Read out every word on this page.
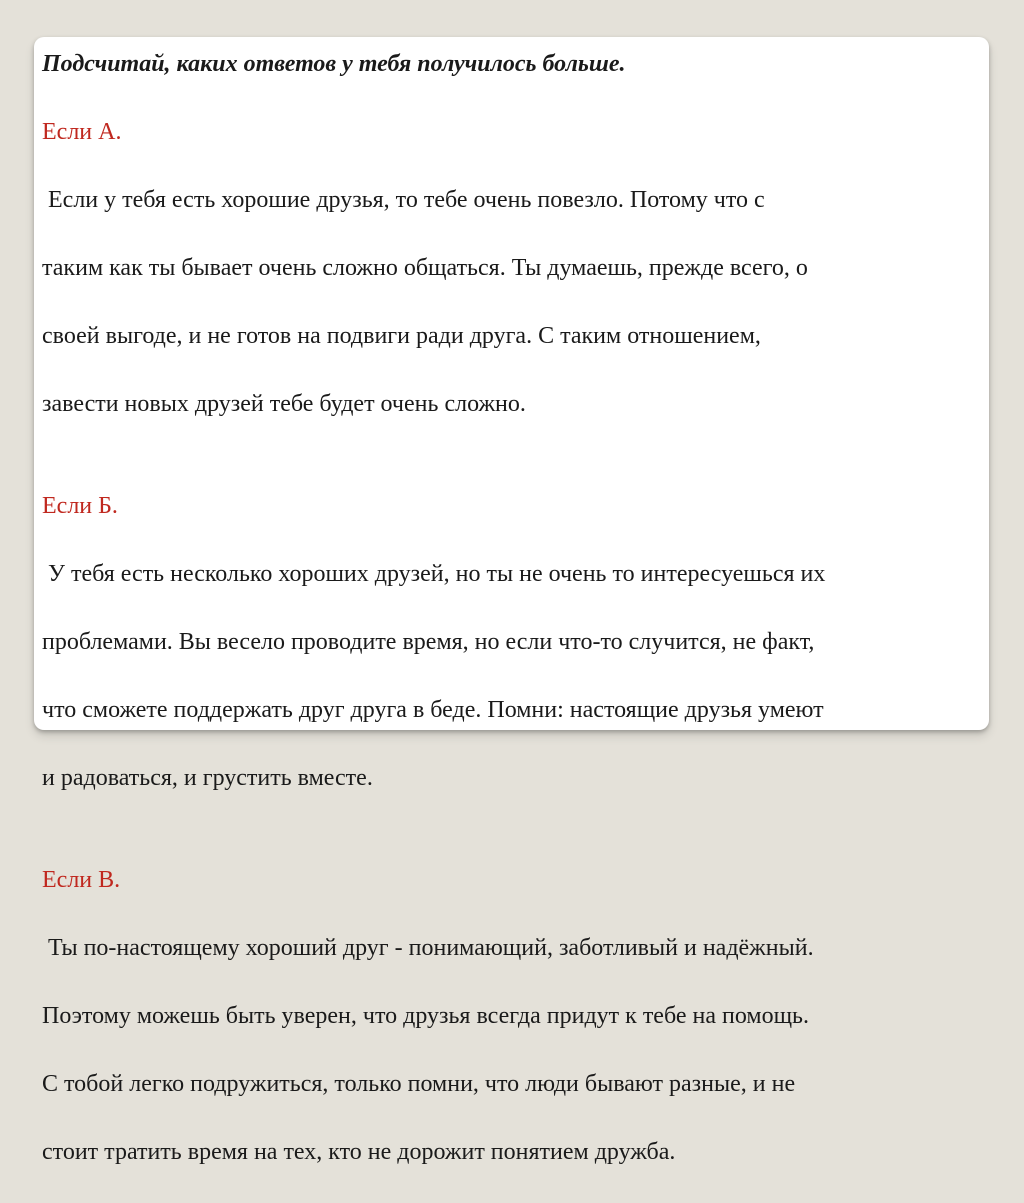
Подсчитай, каких ответов у тебя получилось больше.

Если А.

Если у тебя есть хорошие друзья, то тебе очень повезло. Потому что с

таким как ты бывает очень сложно общаться. Ты думаешь, прежде всего, о

своей выгоде, и не готов на подвиги ради друга. С таким отношением,

завести новых друзей тебе будет очень сложно.

Если Б.

У тебя есть несколько хороших друзей, но ты не очень то интересуешься их

проблемами. Вы весело проводите время, но если что-то случится, не факт,

что сможете поддержать друг друга в беде. Помни: настоящие друзья умеют

и радоваться, и грустить вместе.

Если В.

Ты по-настоящему хороший друг - понимающий, заботливый и надёжный.

Поэтому можешь быть уверен, что друзья всегда придут к тебе на помощь.

С тобой легко подружиться, только помни, что люди бывают разные, и не

стоит тратить время на тех, кто не дорожит понятием дружба.
